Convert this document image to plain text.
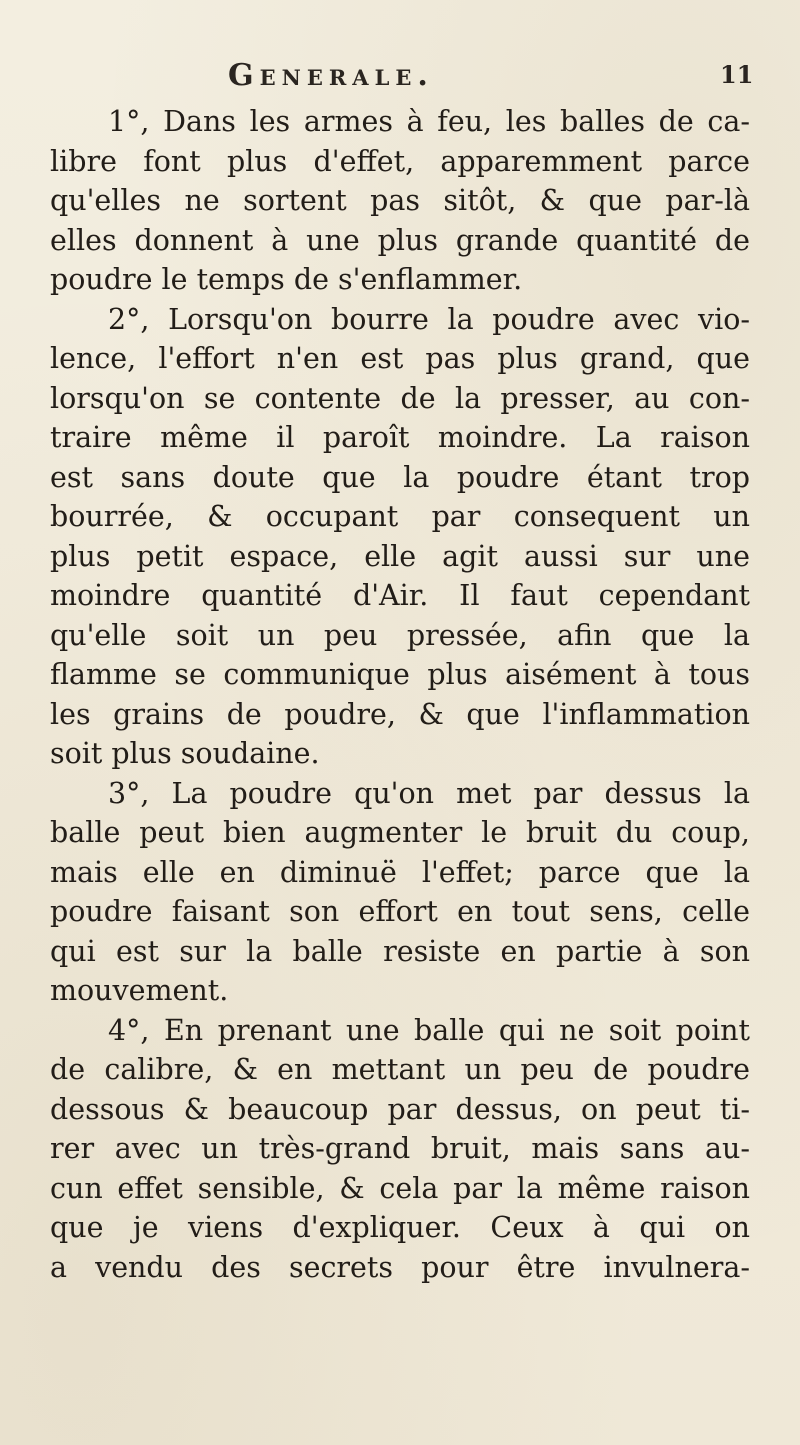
Generale.	11
1°, Dans les armes à feu, les balles de ca-
libre font plus d'effet, apparemment parce
qu'elles ne sortent pas sitôt, & que par-là
elles donnent à une plus grande quantité de
poudre le temps de s'enflammer.
2°, Lorsqu'on bourre la poudre avec vio-
lence, l'effort n'en est pas plus grand, que
lorsqu'on se contente de la presser, au con-
traire même il paroît moindre. La raison
est sans doute que la poudre étant trop
bourrée, & occupant par consequent un
plus petit espace, elle agit aussi sur une
moindre quantité d'Air. Il faut cependant
qu'elle soit un peu pressée, afin que la
flamme se communique plus aisément à tous
les grains de poudre, & que l'inflammation
soit plus soudaine.
3°, La poudre qu'on met par dessus la
balle peut bien augmenter le bruit du coup,
mais elle en diminuë l'effet; parce que la
poudre faisant son effort en tout sens, celle
qui est sur la balle resiste en partie à son
mouvement.
4°, En prenant une balle qui ne soit point
de calibre, & en mettant un peu de poudre
dessous & beaucoup par dessus, on peut ti-
rer avec un très-grand bruit, mais sans au-
cun effet sensible, & cela par la même raison
que je viens d'expliquer. Ceux à qui on
a vendu des secrets pour être invulnera-
